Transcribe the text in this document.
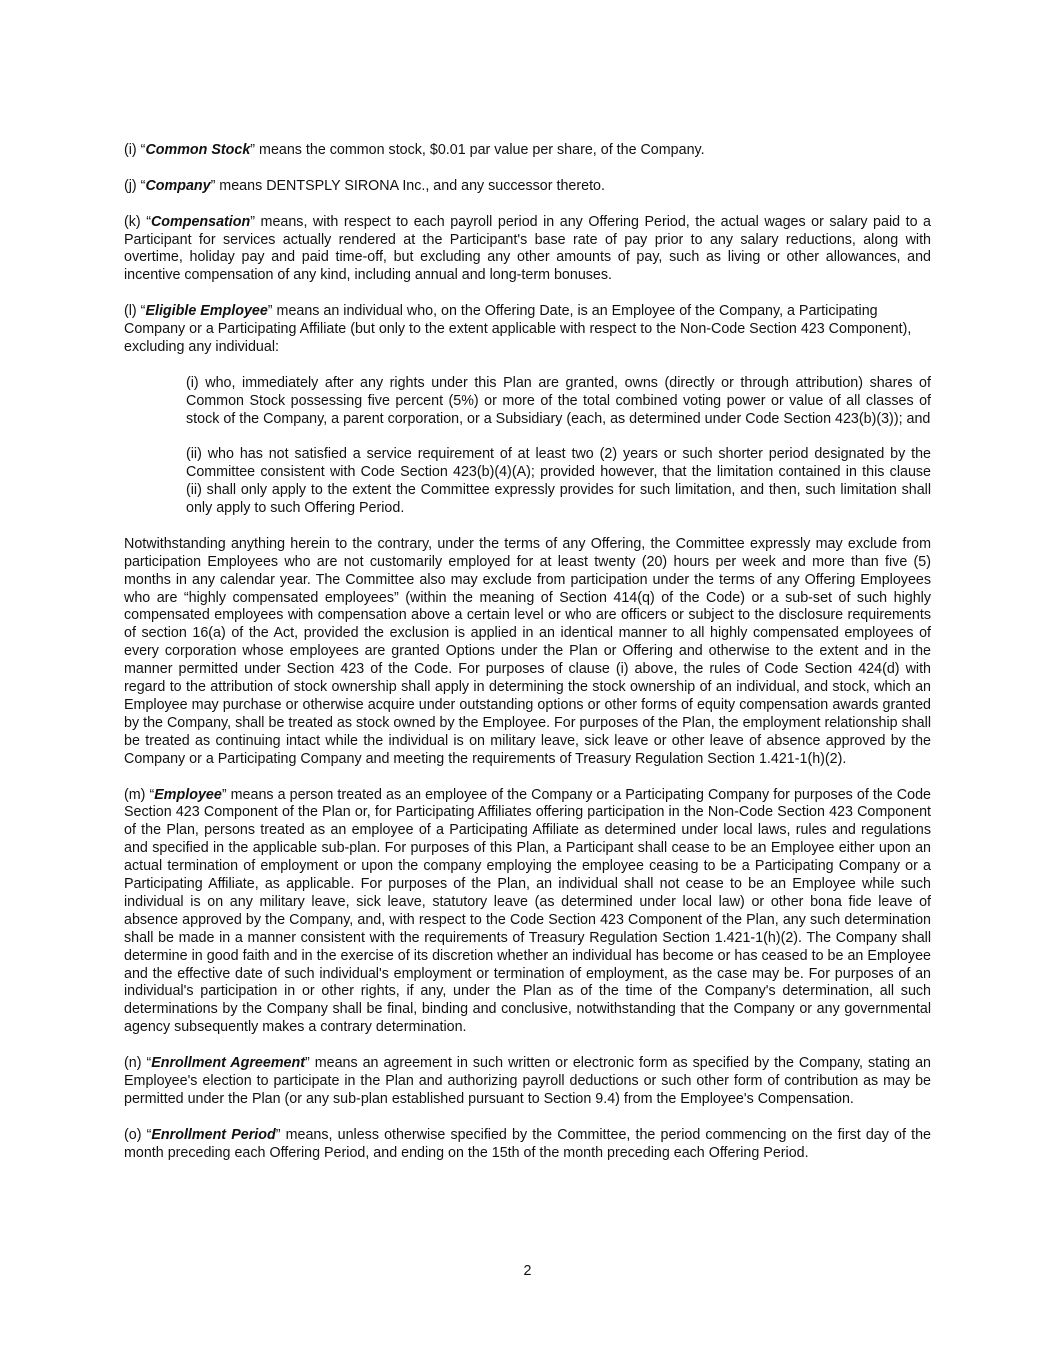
(i) “Common Stock” means the common stock, $0.01 par value per share, of the Company.

(j) “Company” means DENTSPLY SIRONA Inc., and any successor thereto.

(k) “Compensation” means, with respect to each payroll period in any Offering Period, the actual wages or salary paid to a Participant for services actually rendered at the Participant's base rate of pay prior to any salary reductions, along with overtime, holiday pay and paid time-off, but excluding any other amounts of pay, such as living or other allowances, and incentive compensation of any kind, including annual and long-term bonuses.

(l) “Eligible Employee” means an individual who, on the Offering Date, is an Employee of the Company, a Participating Company or a Participating Affiliate (but only to the extent applicable with respect to the Non-Code Section 423 Component), excluding any individual:

(i) who, immediately after any rights under this Plan are granted, owns (directly or through attribution) shares of Common Stock possessing five percent (5%) or more of the total combined voting power or value of all classes of stock of the Company, a parent corporation, or a Subsidiary (each, as determined under Code Section 423(b)(3)); and

(ii) who has not satisfied a service requirement of at least two (2) years or such shorter period designated by the Committee consistent with Code Section 423(b)(4)(A); provided however, that the limitation contained in this clause (ii) shall only apply to the extent the Committee expressly provides for such limitation, and then, such limitation shall only apply to such Offering Period.

Notwithstanding anything herein to the contrary, under the terms of any Offering, the Committee expressly may exclude from participation Employees who are not customarily employed for at least twenty (20) hours per week and more than five (5) months in any calendar year. The Committee also may exclude from participation under the terms of any Offering Employees who are “highly compensated employees” (within the meaning of Section 414(q) of the Code) or a sub-set of such highly compensated employees with compensation above a certain level or who are officers or subject to the disclosure requirements of section 16(a) of the Act, provided the exclusion is applied in an identical manner to all highly compensated employees of every corporation whose employees are granted Options under the Plan or Offering and otherwise to the extent and in the manner permitted under Section 423 of the Code. For purposes of clause (i) above, the rules of Code Section 424(d) with regard to the attribution of stock ownership shall apply in determining the stock ownership of an individual, and stock, which an Employee may purchase or otherwise acquire under outstanding options or other forms of equity compensation awards granted by the Company, shall be treated as stock owned by the Employee. For purposes of the Plan, the employment relationship shall be treated as continuing intact while the individual is on military leave, sick leave or other leave of absence approved by the Company or a Participating Company and meeting the requirements of Treasury Regulation Section 1.421-1(h)(2).

(m) “Employee” means a person treated as an employee of the Company or a Participating Company for purposes of the Code Section 423 Component of the Plan or, for Participating Affiliates offering participation in the Non-Code Section 423 Component of the Plan, persons treated as an employee of a Participating Affiliate as determined under local laws, rules and regulations and specified in the applicable sub-plan. For purposes of this Plan, a Participant shall cease to be an Employee either upon an actual termination of employment or upon the company employing the employee ceasing to be a Participating Company or a Participating Affiliate, as applicable. For purposes of the Plan, an individual shall not cease to be an Employee while such individual is on any military leave, sick leave, statutory leave (as determined under local law) or other bona fide leave of absence approved by the Company, and, with respect to the Code Section 423 Component of the Plan, any such determination shall be made in a manner consistent with the requirements of Treasury Regulation Section 1.421-1(h)(2). The Company shall determine in good faith and in the exercise of its discretion whether an individual has become or has ceased to be an Employee and the effective date of such individual's employment or termination of employment, as the case may be. For purposes of an individual's participation in or other rights, if any, under the Plan as of the time of the Company's determination, all such determinations by the Company shall be final, binding and conclusive, notwithstanding that the Company or any governmental agency subsequently makes a contrary determination.

(n) “Enrollment Agreement” means an agreement in such written or electronic form as specified by the Company, stating an Employee's election to participate in the Plan and authorizing payroll deductions or such other form of contribution as may be permitted under the Plan (or any sub-plan established pursuant to Section 9.4) from the Employee's Compensation.

(o) “Enrollment Period” means, unless otherwise specified by the Committee, the period commencing on the first day of the month preceding each Offering Period, and ending on the 15th of the month preceding each Offering Period.

2
